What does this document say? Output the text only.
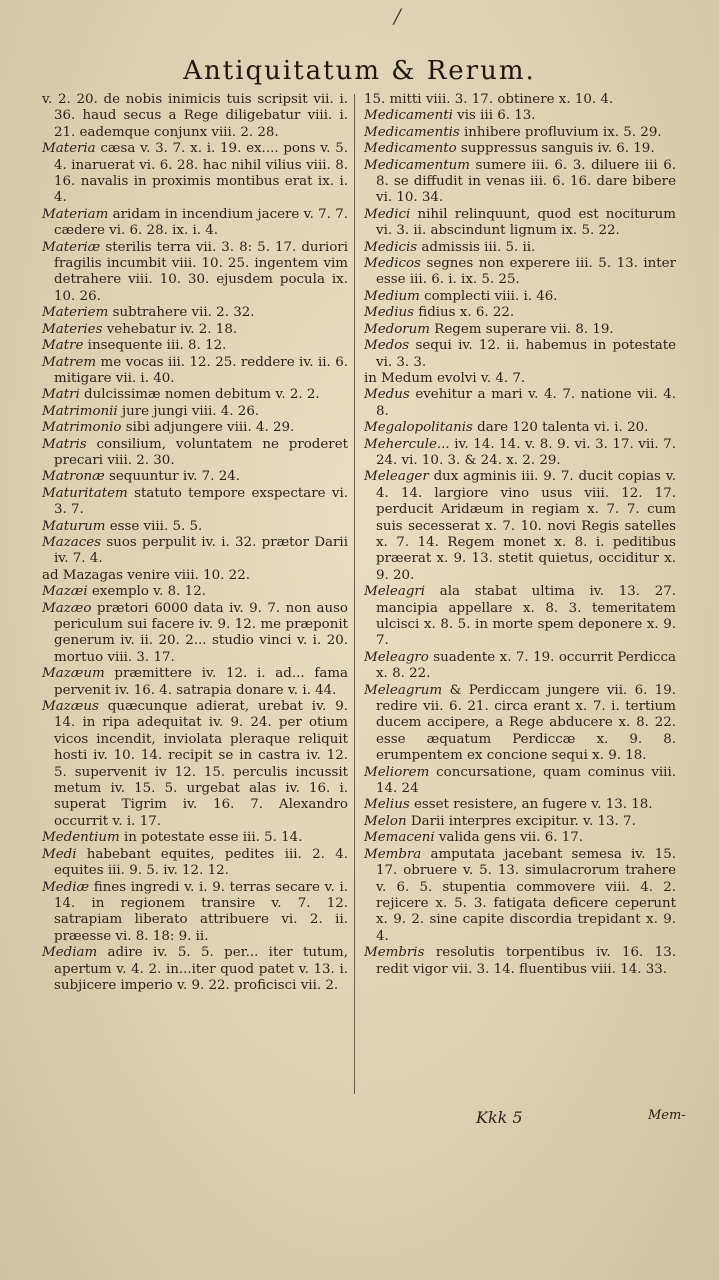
/
Antiquitatum & Rerum.

v. 2. 20. de nobis inimicis tuis scripsit vii. i. 36. haud secus a Rege diligebatur viii. i. 21. eademque conjunx viii. 2. 28.

Materia cæsa v. 3. 7. x. i. 19. ex.... pons v. 5. 4. inaruerat vi. 6. 28. hac nihil vilius viii. 8. 16. navalis in proximis montibus erat ix. i. 4.

Materiam aridam in incendium jacere v. 7. 7. cædere vi. 6. 28. ix. i. 4.

Materiæ sterilis terra vii. 3. 8: 5. 17. duriori fragilis incumbit viii. 10. 25. ingentem vim detrahere viii. 10. 30. ejusdem pocula ix. 10. 26.

Materiem subtrahere vii. 2. 32.

Materies vehebatur iv. 2. 18.

Matre insequente iii. 8. 12.

Matrem me vocas iii. 12. 25. reddere iv. ii. 6. mitigare vii. i. 40.

Matri dulcissimæ nomen debitum v. 2. 2.

Matrimonii jure jungi viii. 4. 26.

Matrimonio sibi adjungere viii. 4. 29.

Matris consilium, voluntatem ne proderet precari viii. 2. 30.

Matronæ sequuntur iv. 7. 24.

Maturitatem statuto tempore exspectare vi. 3. 7.

Maturum esse viii. 5. 5.

Mazaces suos perpulit iv. i. 32. prætor Darii iv. 7. 4.

ad Mazagas venire viii. 10. 22.

Mazæi exemplo v. 8. 12.

Mazæo prætori 6000 data iv. 9. 7. non auso periculum sui facere iv. 9. 12. me præponit generum iv. ii. 20. 2... studio vinci v. i. 20. mortuo viii. 3. 17.

Mazæum præmittere iv. 12. i. ad... fama pervenit iv. 16. 4. satrapia donare v. i. 44.

Mazæus quæcunque adierat, urebat iv. 9. 14. in ripa adequitat iv. 9. 24. per otium vicos incendit, inviolata pleraque reliquit hosti iv. 10. 14. recipit se in castra iv. 12. 5. supervenit iv 12. 15. perculis incussit metum iv. 15. 5. urgebat alas iv. 16. i. superat Tigrim iv. 16. 7. Alexandro occurrit v. i. 17.

Medentium in potestate esse iii. 5. 14.

Medi habebant equites, pedites iii. 2. 4. equites iii. 9. 5. iv. 12. 12.

Mediæ fines ingredi v. i. 9. terras secare v. i. 14. in regionem transire v. 7. 12. satrapiam liberato attribuere vi. 2. ii. præesse vi. 8. 18: 9. ii.

Mediam adire iv. 5. 5. per... iter tutum, apertum v. 4. 2. in...iter quod patet v. 13. i. subjicere imperio v. 9. 22. proficisci vii. 2.

15. mitti viii. 3. 17. obtinere x. 10. 4.

Medicamenti vis iii 6. 13.

Medicamentis inhibere profluvium ix. 5. 29.

Medicamento suppressus sanguis iv. 6. 19.

Medicamentum sumere iii. 6. 3. diluere iii 6. 8. se diffudit in venas iii. 6. 16. dare bibere vi. 10. 34.

Medici nihil relinquunt, quod est nociturum vi. 3. ii. abscindunt lignum ix. 5. 22.

Medicis admissis iii. 5. ii.

Medicos segnes non experere iii. 5. 13. inter esse iii. 6. i. ix. 5. 25.

Medium complecti viii. i. 46.

Medius fidius x. 6. 22.

Medorum Regem superare vii. 8. 19.

Medos sequi iv. 12. ii. habemus in potestate vi. 3. 3.

in Medum evolvi v. 4. 7.

Medus evehitur a mari v. 4. 7. natione vii. 4. 8.

Megalopolitanis dare 120 talenta vi. i. 20.

Mehercule... iv. 14. 14. v. 8. 9. vi. 3. 17. vii. 7. 24. vi. 10. 3. & 24. x. 2. 29.

Meleager dux agminis iii. 9. 7. ducit copias v. 4. 14. largiore vino usus viii. 12. 17. perducit Aridæum in regiam x. 7. 7. cum suis secesserat x. 7. 10. novi Regis satelles x. 7. 14. Regem monet x. 8. i. peditibus præerat x. 9. 13. stetit quietus, occiditur x. 9. 20.

Meleagri ala stabat ultima iv. 13. 27. mancipia appellare x. 8. 3. temeritatem ulcisci x. 8. 5. in morte spem deponere x. 9. 7.

Meleagro suadente x. 7. 19. occurrit Perdicca x. 8. 22.

Meleagrum & Perdiccam jungere vii. 6. 19. redire vii. 6. 21. circa erant x. 7. i. tertium ducem accipere, a Rege abducere x. 8. 22. esse æquatum Perdiccæ x. 9. 8. erumpentem ex concione sequi x. 9. 18.

Meliorem concursatione, quam cominus viii. 14. 24

Melius esset resistere, an fugere v. 13. 18.

Melon Darii interpres excipitur. v. 13. 7.

Memaceni valida gens vii. 6. 17.

Membra amputata jacebant semesa iv. 15. 17. obruere v. 5. 13. simulacrorum trahere v. 6. 5. stupentia commovere viii. 4. 2. rejicere x. 5. 3. fatigata deficere ceperunt x. 9. 2. sine capite discordia trepidant x. 9. 4.

Membris resolutis torpentibus iv. 16. 13. redit vigor vii. 3. 14. fluentibus viii. 14. 33.

Kkk 5	Mem-
